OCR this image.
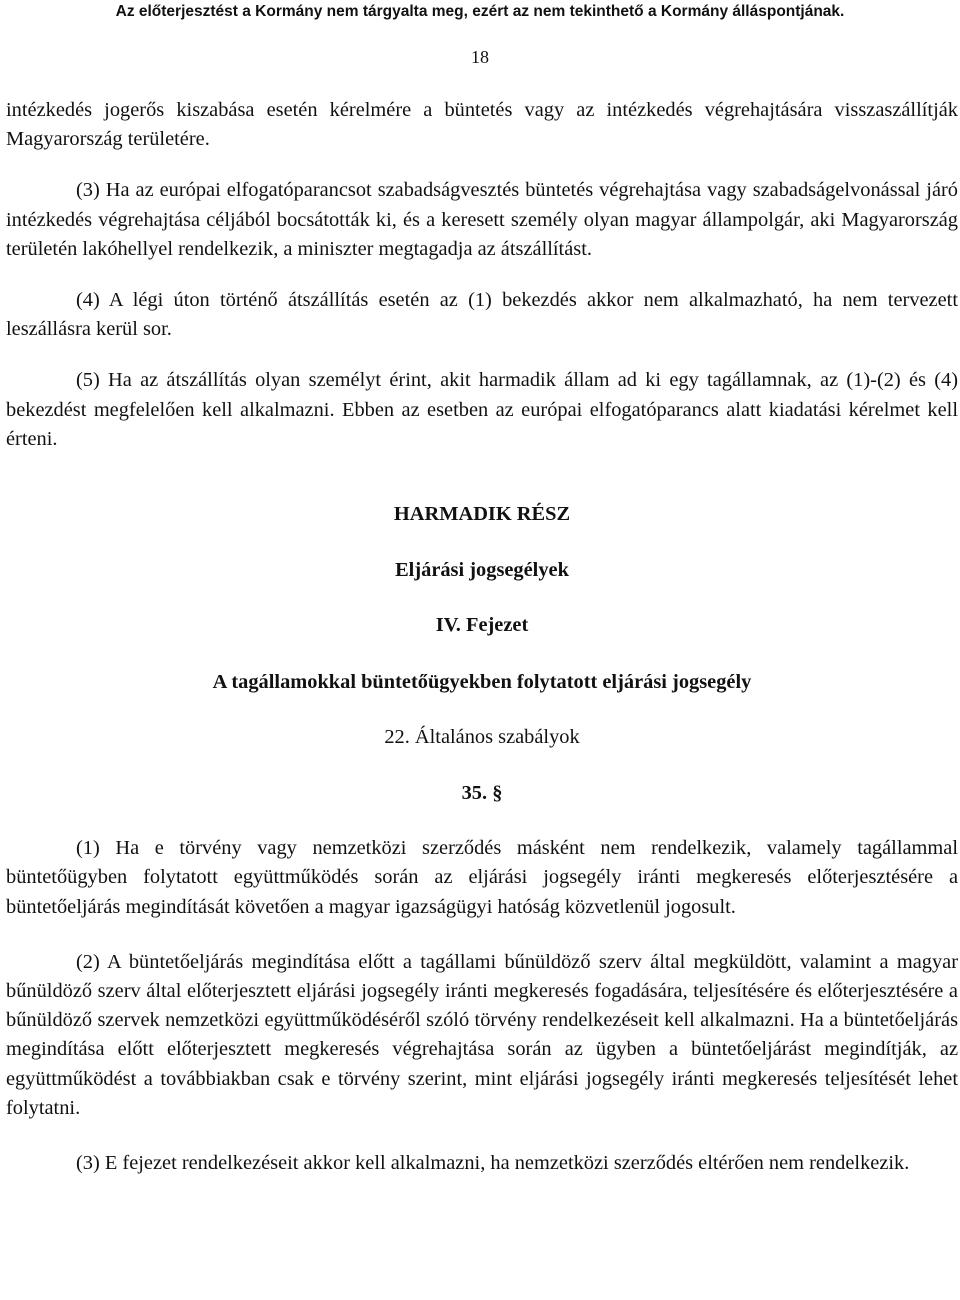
Az előterjesztést a Kormány nem tárgyalta meg, ezért az nem tekinthető a Kormány álláspontjának.
18

intézkedés jogerős kiszabása esetén kérelmére a büntetés vagy az intézkedés végrehajtására visszaszállítják Magyarország területére.

(3) Ha az európai elfogatóparancsot szabadságvesztés büntetés végrehajtása vagy szabadságelvonással járó intézkedés végrehajtása céljából bocsátották ki, és a keresett személy olyan magyar állampolgár, aki Magyarország területén lakóhellyel rendelkezik, a miniszter megtagadja az átszállítást.

(4) A légi úton történő átszállítás esetén az (1) bekezdés akkor nem alkalmazható, ha nem tervezett leszállásra kerül sor.

(5) Ha az átszállítás olyan személyt érint, akit harmadik állam ad ki egy tagállamnak, az (1)-(2) és (4) bekezdést megfelelően kell alkalmazni. Ebben az esetben az európai elfogatóparancs alatt kiadatási kérelmet kell érteni.

HARMADIK RÉSZ

Eljárási jogsegélyek

IV. Fejezet

A tagállamokkal büntetőügyekben folytatott eljárási jogsegély

22. Általános szabályok

35. §

(1) Ha e törvény vagy nemzetközi szerződés másként nem rendelkezik, valamely tagállammal büntetőügyben folytatott együttműködés során az eljárási jogsegély iránti megkeresés előterjesztésére a büntetőeljárás megindítását követően a magyar igazságügyi hatóság közvetlenül jogosult.

(2) A büntetőeljárás megindítása előtt a tagállami bűnüldöző szerv által megküldött, valamint a magyar bűnüldöző szerv által előterjesztett eljárási jogsegély iránti megkeresés fogadására, teljesítésére és előterjesztésére a bűnüldöző szervek nemzetközi együttműködéséről szóló törvény rendelkezéseit kell alkalmazni. Ha a büntetőeljárás megindítása előtt előterjesztett megkeresés végrehajtása során az ügyben a büntetőeljárást megindítják, az együttműködést a továbbiakban csak e törvény szerint, mint eljárási jogsegély iránti megkeresés teljesítését lehet folytatni.

(3) E fejezet rendelkezéseit akkor kell alkalmazni, ha nemzetközi szerződés eltérően nem rendelkezik.
